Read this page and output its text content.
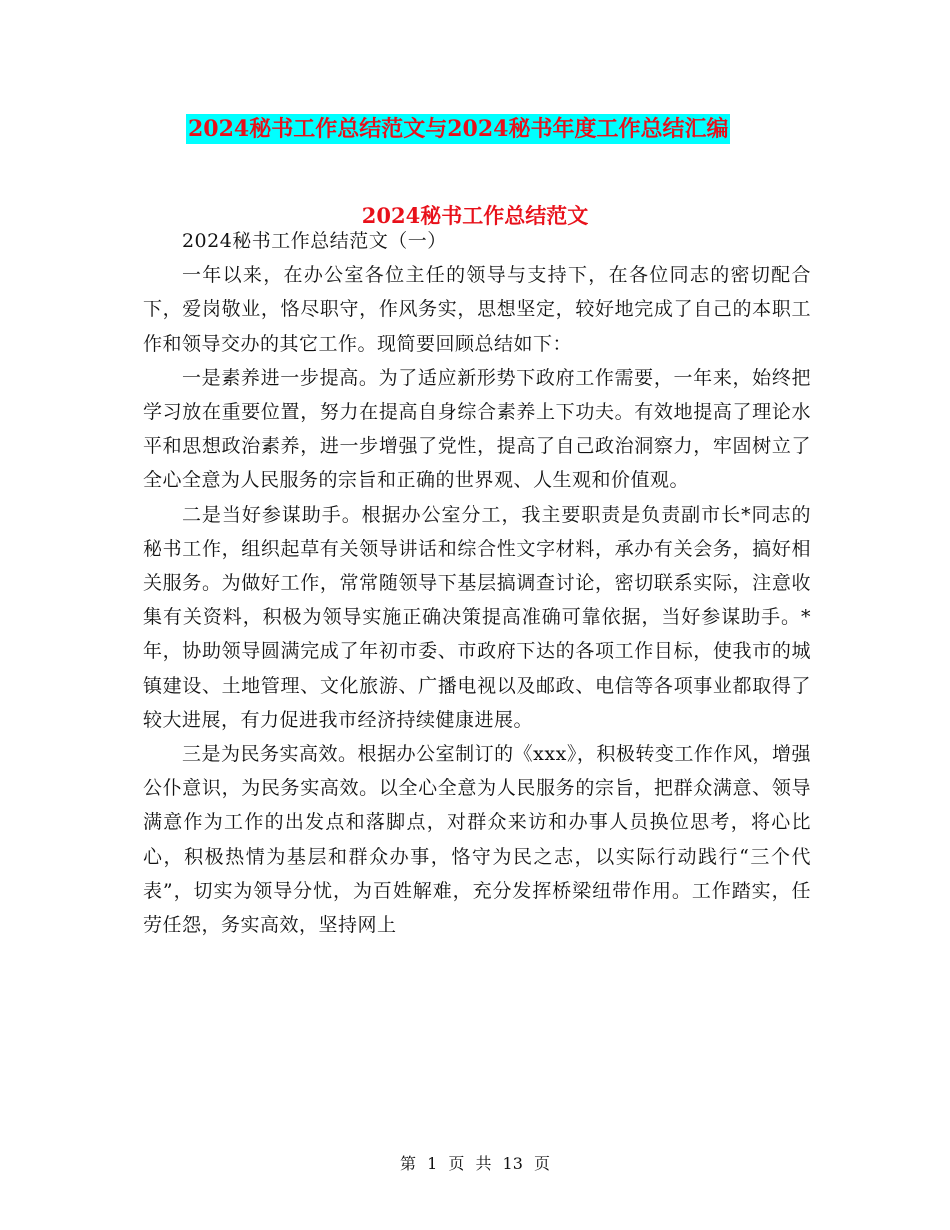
2024秘书工作总结范文与2024秘书年度工作总结汇编
2024秘书工作总结范文

2024秘书工作总结范文（一）

一年以来，在办公室各位主任的领导与支持下，在各位同志的密切配合下，爱岗敬业，恪尽职守，作风务实，思想坚定，较好地完成了自己的本职工作和领导交办的其它工作。现简要回顾总结如下：

一是素养进一步提高。为了适应新形势下政府工作需要，一年来，始终把学习放在重要位置，努力在提高自身综合素养上下功夫。有效地提高了理论水平和思想政治素养，进一步增强了党性，提高了自己政治洞察力，牢固树立了全心全意为人民服务的宗旨和正确的世界观、人生观和价值观。

二是当好参谋助手。根据办公室分工，我主要职责是负责副市长*同志的秘书工作，组织起草有关领导讲话和综合性文字材料，承办有关会务，搞好相关服务。为做好工作，常常随领导下基层搞调查讨论，密切联系实际，注意收集有关资料，积极为领导实施正确决策提高准确可靠依据，当好参谋助手。*年，协助领导圆满完成了年初市委、市政府下达的各项工作目标，使我市的城镇建设、土地管理、文化旅游、广播电视以及邮政、电信等各项事业都取得了较大进展，有力促进我市经济持续健康进展。

三是为民务实高效。根据办公室制订的《xxx》，积极转变工作作风，增强公仆意识，为民务实高效。以全心全意为人民服务的宗旨，把群众满意、领导满意作为工作的出发点和落脚点，对群众来访和办事人员换位思考，将心比心，积极热情为基层和群众办事，恪守为民之志，以实际行动践行“三个代表”，切实为领导分忧，为百姓解难，充分发挥桥梁纽带作用。工作踏实，任劳任怨，务实高效，坚持网上

第 1 页 共 13 页
